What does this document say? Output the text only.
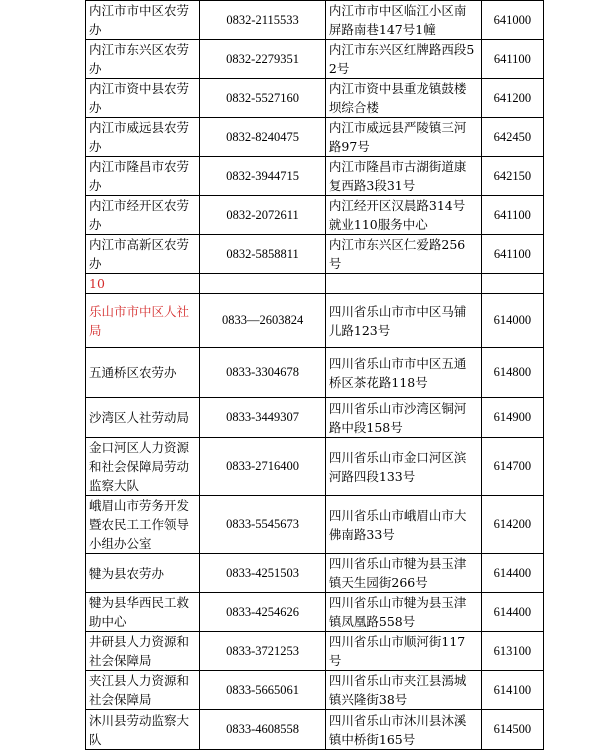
内江市市中区农劳办	0832-2115533	内江市市中区临江小区南屏路南巷147号1幢	641000
内江市东兴区农劳办	0832-2279351	内江市东兴区红牌路西段52号	641100
内江市资中县农劳办	0832-5527160	内江市资中县重龙镇鼓楼坝综合楼	641200
内江市威远县农劳办	0832-8240475	内江市威远县严陵镇三河路97号	642450
内江市隆昌市农劳办	0832-3944715	内江市隆昌市古湖街道康复西路3段31号	642150
内江市经开区农劳办	0832-2072611	内江经开区汉晨路314号就业110服务中心	641100
内江市高新区农劳办	0832-5858811	内江市东兴区仁爱路256号	641100
10			
乐山市市中区人社局	0833—2603824	四川省乐山市市中区马铺儿路123号	614000
五通桥区农劳办	0833-3304678	四川省乐山市市中区五通桥区茶花路118号	614800
沙湾区人社劳动局	0833-3449307	四川省乐山市沙湾区铜河路中段158号	614900
金口河区人力资源和社会保障局劳动监察大队	0833-2716400	四川省乐山市金口河区滨河路四段133号	614700
峨眉山市劳务开发暨农民工工作领导小组办公室	0833-5545673	四川省乐山市峨眉山市大佛南路33号	614200
犍为县农劳办	0833-4251503	四川省乐山市犍为县玉津镇天生园街266号	614400
犍为县华西民工救助中心	0833-4254626	四川省乐山市犍为县玉津镇凤凰路558号	614400
井研县人力资源和社会保障局	0833-3721253	四川省乐山市顺河街117号	613100
夹江县人力资源和社会保障局	0833-5665061	四川省乐山市夹江县漹城镇兴隆街38号	614100
沐川县劳动监察大队	0833-4608558	四川省乐山市沐川县沐溪镇中桥街165号	614500
